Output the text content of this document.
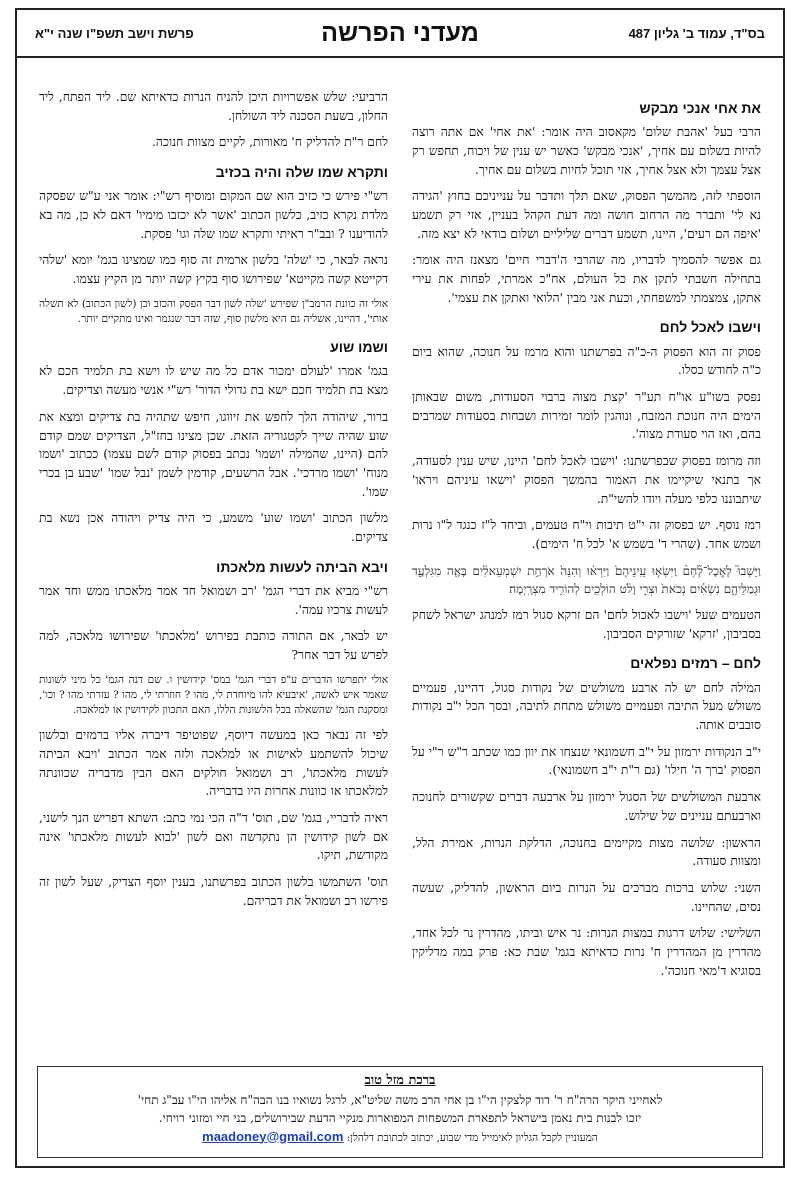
בס"ד, עמוד ב' גליון 487
מעדני הפרשה
פרשת וישב תשפ"ו שנה י"א
את אחי אנכי מבקש

הרבי בעל 'אהבת שלום' מקאסוב היה אומר: 'את אחי' אם אתה רוצה להיות בשלום עם אחיך, 'אנכי מבקש' כאשר יש ענין של ויכוח, תחפש רק אצל עצמך ולא אצל אחיך, אזי תוכל לחיות בשלום עם אחיך.

הוספתי לזה, מהמשך הפסוק, שאם תלך ותדבר על ענייניכם בחוץ 'הגידה נא לי' ותברר מה הרחוב חושה ומה דעת הקהל בעניין, אזי רק תשמע 'איפה הם רעים', היינו, תשמע דברים שליליים ושלום בודאי לא יצא מזה.

גם אפשר להסמיך לדבריו, מה שהרבי ה'דברי חיים' מצאנז היה אומר: בתחילה חשבתי לתקן את כל העולם, אח"כ אמרתי, לפחות את עירי אתקן, צמצמתי למשפחתי, וכעת אני מבין 'הלואי ואתקן את עצמי'.

וישבו לאכל לחם

פסוק זה הוא הפסוק ה-כ"ה בפרשתנו והוא מרמז על חנוכה, שהוא ביום כ"ה לחודש כסלו.

נפסק בשו"ע או"ח תע"ר 'קצת מצוה ברבוי הסעודות, משום שבאותן הימים היה חנוכת המזבח, ונוהגין לומר זמירות ושבחות בסעודות שמרבים בהם, ואז הוי סעודת מצוה'.

וזה מרומז בפסוק שבפרשתנו: 'וישבו לאכל לחם' היינו, שיש ענין לסעודה, אך בתנאי שיקיימו את האמור בהמשך הפסוק 'וישאו עיניהם ויראו' שיתבוננו כלפי מעלה ויודו להשי"ת.

רמז נוסף. יש בפסוק זה י"ט תיבות וי"ח טעמים, וביחד ל"ז כנגד ל"ו נרות ושמש אחד. (שהרי ד' בשמש א' לכל ח' הימים).

וַיֵּשְׁבוּ֮ לֶאֱכָל־לֶ֒חֶם֒ וַיִּשְׂא֤וּ עֵֽינֵיהֶם֙ וַיִּרְא֔וּ וְהִנֵּה֙ אֹרְחַ֣ת יִשְׁמְעֵאלִ֔ים בָּאָ֖ה מִגִּלְעָ֑ד וּגְמַלֵּיהֶ֣ם נֹֽשְׂאִ֗ים נְכֹאת֙ וּצְרִ֣י וָלֹ֔ט הוֹלְכִ֖ים לְהוֹרִ֥יד מִצְרָֽיְמָה׃

הטעמים שעל 'וישבו לאכול לחם' הם זרקא סגול רמז למנהג ישראל לשחק בסביבון, 'זרקא' שזורקים הסביבון.

לחם – רמזים נפלאים

המילה לחם יש לה ארבע משולשים של נקודות סגול, דהיינו, פעמיים משולש מעל התיבה ופעמיים משולש מתחת לתיבה, ובסך הכל י"ב נקודות סובבים אותה.

י"ב הנקודות ירמזון על י"ב חשמונאי שנצחו את יוון כמו שכתב ר"ש ר"י על הפסוק 'ברך ה' חילו' (גם ר"ת י"ב חשמונאי).

ארבעת המשולשים של הסגול ירמזון על ארבעה דברים שקשורים לחנוכה וארבעתם עניינים של שילוש.

הראשון: שלושה מצות מקיימים בחנוכה, הדלקת הנרות, אמירת הלל, ומצוות סעודה.

השני: שלוש ברכות מברכים על הנרות ביום הראשון, להדליק, שעשה נסים, שהחיינו.

השלישי: שלוש דרגות במצות הנרות: נר איש וביתו, מהדרין נר לכל אחד, מהדרין מן המהדרין ח' נרות כדאיתא בגמ' שבת כא: פרק במה מדליקין בסוגיא ד'מאי חנוכה'.

הרביעי: שלש אפשרויות היכן להניח הנרות כדאיתא שם. ליד הפתח, ליד החלון, בשעת הסכנה ליד השולחן.

לחם ר"ת להדליק ח' מאורות, לקיים מצוות חנוכה.

ותקרא שמו שלה והיה בכזיב

רש"י פירש כי כזיב הוא שם המקום ומוסיף רש"י: אומר אני ע"ש שפסקה מלדת נקרא כזיב, כלשון הכתוב 'אשר לא יכזבו מימיו' דאם לא כן, מה בא להודיענו ? ובב"ר ראיתי ותקרא שמו שלה וגו' פסקת.

נראה לבאר, כי 'שלה' בלשון ארמית זה סוף כמו שמצינו בגמ' יומא 'שלהי דקייטא קשה מקייטא' שפירושו סוף בקיץ קשה יותר מן הקיץ עצמו.

אולי זה כוונת הרמב"ן שפירש 'שלה לשון דבר הפסק והכזב וכן (לשון הכתוב) לא תשלה אותי', דהיינו, אשליה גם היא מלשון סוף, שזה דבר שנגמר ואינו מתקיים יותר.

ושמו שוע

בגמ' אמרו 'לעולם ימכור אדם כל מה שיש לו וישא בת תלמיד חכם לא מצא בת תלמיד חכם ישא בת גדולי הדור' רש"י אנשי מעשה וצדיקים.

ברור, שיהודה הלך לחפש את זיווגו, חיפש שתהיה בת צדיקים ומצא את שוע שהיה שייך לקטגוריה הזאת. שכן מצינו בחז"ל, הצדיקים שמם קודם להם (היינו, שהמילה 'ושמו' נכתב בפסוק קודם לשם עצמו) ככתוב 'ושמו מנוח' 'ושמו מרדכי'. אבל הרשעים, קודמין לשמן 'נבל שמו' 'שבע בן בכרי שמו'.

מלשון הכתוב 'ושמו שוע' משמע, כי היה צדיק ויהודה אכן נשא בת צדיקים.

ויבא הביתה לעשות מלאכתו

רש"י מביא את דברי הגמ' 'רב ושמואל חד אמר מלאכתו ממש וחד אמר לעשות צרכיו עמה'.

יש לבאר, אם התורה כותבת בפירוש 'מלאכתו' שפירושו מלאכה, למה לפרש על דבר אחר?

אולי יתפרשו הדברים ע"פ דברי הגמ' במס' קידושין ו. שם דנה הגמ' כל מיני לשונות שאמר איש לאשה, 'איבעיא להו מיוחדת לי, מהו ? חוזרתי לי, מהו ? עזרתי מהו ? וכו', ומסקנת הגמ' שהשאלה בכל הלשונות הללו, האם התכוון לקידושין או למלאכה.

לפי זה נבאר כאן במעשה דיוסף, שפוטיפר דיברה אליו ברמזים ובלשון שיכול להשתמע לאישות או למלאכה ולזה אמר הכתוב 'ויבא הביתה לעשות מלאכתו', רב ושמואל חולקים האם הבין מדבריה שכוונתה למלאכתו או כוונות אחרות היו בדבריה.

ראיה לדבריי, בגמ' שם, תוס' ד"ה הכי נמי כתב: השתא דפריש הנך לישני, אם לשון קידושין הן נתקדשה ואם לשון 'לבוא לעשות מלאכתו' אינה מקודשת, תיקו.

תוס' השתמשו בלשון הכתוב בפרשתנו, בענין יוסף הצדיק, שעל לשון זה פירשו רב ושמואל את דבריהם.

ברכת מזל טוב
לאחייני היקר הרה"ח ר' דוד קלצקין הי"ו בן אחי הרב משה שליט"א, לרגל נשואיו בנו הבה"ח אליהו הי"ו עב"ג תחי'
יזכו לבנות בית נאמן בישראל לתפארת המשפחות המפוארות מנקיי הדעת שבירושלים, בני חיי ומזוני רויחי.
המעוניין לקבל הגליון לאימייל מדי שבוע, יכתוב לכתובת דלהלן: maadoney@gmail.com
